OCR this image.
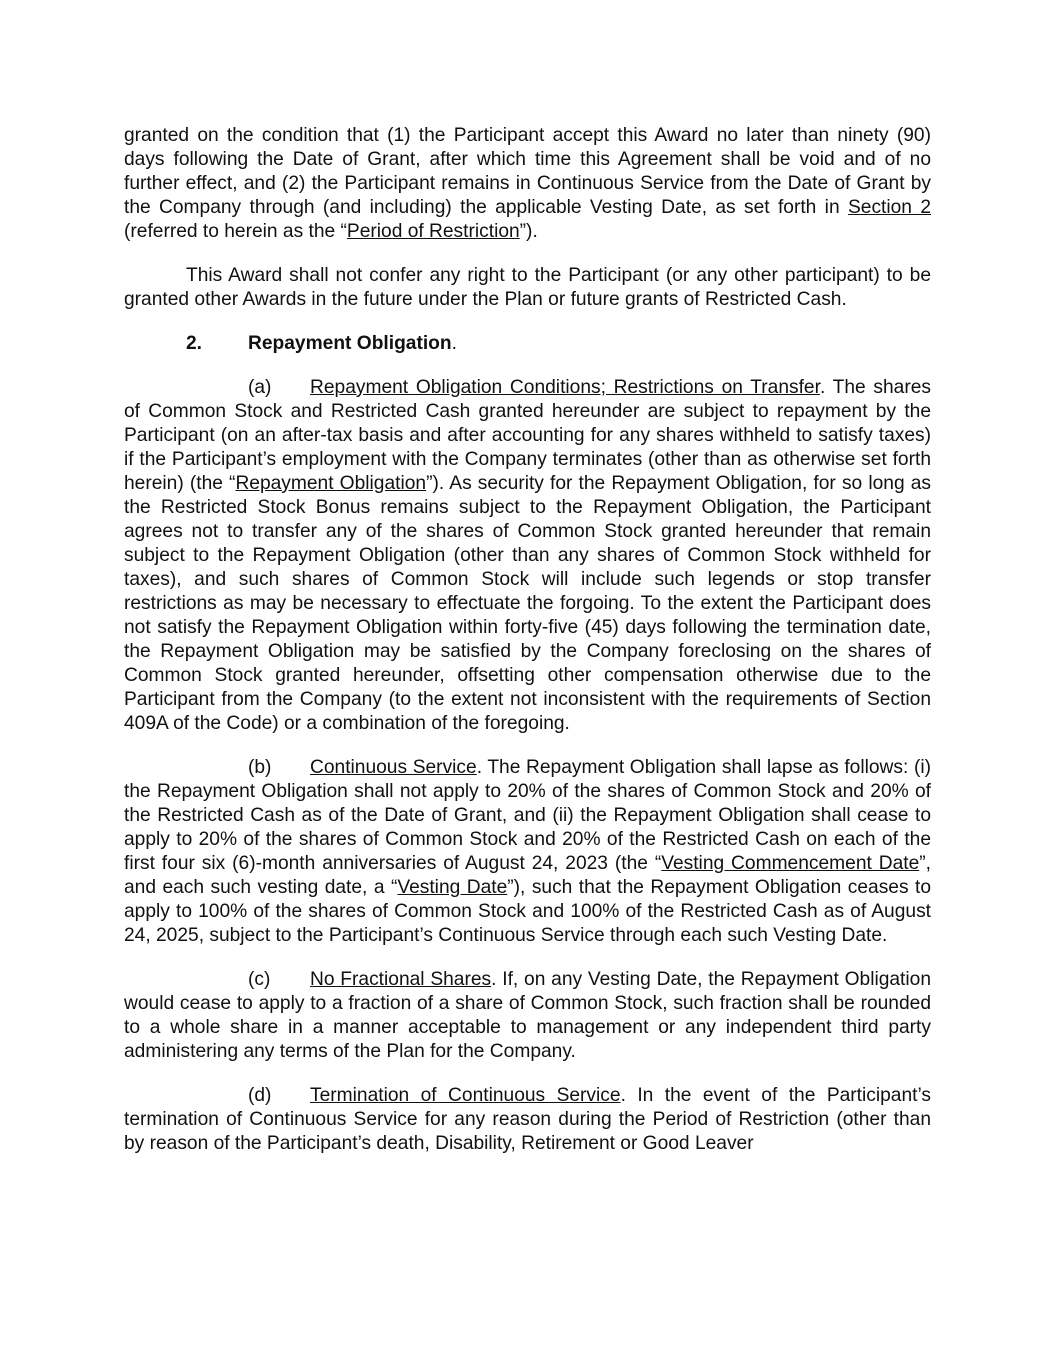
granted on the condition that (1) the Participant accept this Award no later than ninety (90) days following the Date of Grant, after which time this Agreement shall be void and of no further effect, and (2) the Participant remains in Continuous Service from the Date of Grant by the Company through (and including) the applicable Vesting Date, as set forth in Section 2 (referred to herein as the “Period of Restriction”).

This Award shall not confer any right to the Participant (or any other participant) to be granted other Awards in the future under the Plan or future grants of Restricted Cash.

2. Repayment Obligation.

(a) Repayment Obligation Conditions; Restrictions on Transfer. The shares of Common Stock and Restricted Cash granted hereunder are subject to repayment by the Participant (on an after-tax basis and after accounting for any shares withheld to satisfy taxes) if the Participant’s employment with the Company terminates (other than as otherwise set forth herein) (the “Repayment Obligation”). As security for the Repayment Obligation, for so long as the Restricted Stock Bonus remains subject to the Repayment Obligation, the Participant agrees not to transfer any of the shares of Common Stock granted hereunder that remain subject to the Repayment Obligation (other than any shares of Common Stock withheld for taxes), and such shares of Common Stock will include such legends or stop transfer restrictions as may be necessary to effectuate the forgoing. To the extent the Participant does not satisfy the Repayment Obligation within forty-five (45) days following the termination date, the Repayment Obligation may be satisfied by the Company foreclosing on the shares of Common Stock granted hereunder, offsetting other compensation otherwise due to the Participant from the Company (to the extent not inconsistent with the requirements of Section 409A of the Code) or a combination of the foregoing.

(b) Continuous Service. The Repayment Obligation shall lapse as follows: (i) the Repayment Obligation shall not apply to 20% of the shares of Common Stock and 20% of the Restricted Cash as of the Date of Grant, and (ii) the Repayment Obligation shall cease to apply to 20% of the shares of Common Stock and 20% of the Restricted Cash on each of the first four six (6)-month anniversaries of August 24, 2023 (the “Vesting Commencement Date”, and each such vesting date, a “Vesting Date”), such that the Repayment Obligation ceases to apply to 100% of the shares of Common Stock and 100% of the Restricted Cash as of August 24, 2025, subject to the Participant’s Continuous Service through each such Vesting Date.

(c) No Fractional Shares. If, on any Vesting Date, the Repayment Obligation would cease to apply to a fraction of a share of Common Stock, such fraction shall be rounded to a whole share in a manner acceptable to management or any independent third party administering any terms of the Plan for the Company.

(d) Termination of Continuous Service. In the event of the Participant’s termination of Continuous Service for any reason during the Period of Restriction (other than by reason of the Participant’s death, Disability, Retirement or Good Leaver
